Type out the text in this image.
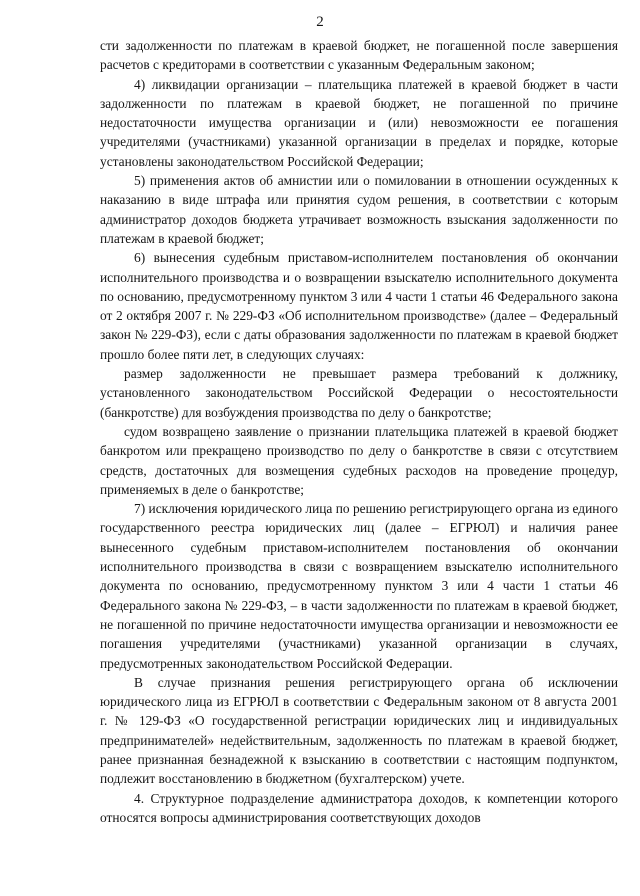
2

сти задолженности по платежам в краевой бюджет, не погашенной после завершения расчетов с кредиторами в соответствии с указанным Федеральным законом;

4) ликвидации организации – плательщика платежей в краевой бюджет в части задолженности по платежам в краевой бюджет, не погашенной по причине недостаточности имущества организации и (или) невозможности ее погашения учредителями (участниками) указанной организации в пределах и порядке, которые установлены законодательством Российской Федерации;

5) применения актов об амнистии или о помиловании в отношении осужденных к наказанию в виде штрафа или принятия судом решения, в соответствии с которым администратор доходов бюджета утрачивает возможность взыскания задолженности по платежам в краевой бюджет;

6) вынесения судебным приставом-исполнителем постановления об окончании исполнительного производства и о возвращении взыскателю исполнительного документа по основанию, предусмотренному пунктом 3 или 4 части 1 статьи 46 Федерального закона от 2 октября 2007 г. № 229-ФЗ «Об исполнительном производстве» (далее – Федеральный закон № 229-ФЗ), если с даты образования задолженности по платежам в краевой бюджет прошло более пяти лет, в следующих случаях:

размер задолженности не превышает размера требований к должнику, установленного законодательством Российской Федерации о несостоятельности (банкротстве) для возбуждения производства по делу о банкротстве;

судом возвращено заявление о признании плательщика платежей в краевой бюджет банкротом или прекращено производство по делу о банкротстве в связи с отсутствием средств, достаточных для возмещения судебных расходов на проведение процедур, применяемых в деле о банкротстве;

7) исключения юридического лица по решению регистрирующего органа из единого государственного реестра юридических лиц (далее – ЕГРЮЛ) и наличия ранее вынесенного судебным приставом-исполнителем постановления об окончании исполнительного производства в связи с возвращением взыскателю исполнительного документа по основанию, предусмотренному пунктом 3 или 4 части 1 статьи 46 Федерального закона № 229-ФЗ, – в части задолженности по платежам в краевой бюджет, не погашенной по причине недостаточности имущества организации и невозможности ее погашения учредителями (участниками) указанной организации в случаях, предусмотренных законодательством Российской Федерации.

В случае признания решения регистрирующего органа об исключении юридического лица из ЕГРЮЛ в соответствии с Федеральным законом от 8 августа 2001 г. № 129-ФЗ «О государственной регистрации юридических лиц и индивидуальных предпринимателей» недействительным, задолженность по платежам в краевой бюджет, ранее признанная безнадежной к взысканию в соответствии с настоящим подпунктом, подлежит восстановлению в бюджетном (бухгалтерском) учете.

4. Структурное подразделение администратора доходов, к компетенции которого относятся вопросы администрирования соответствующих доходов
